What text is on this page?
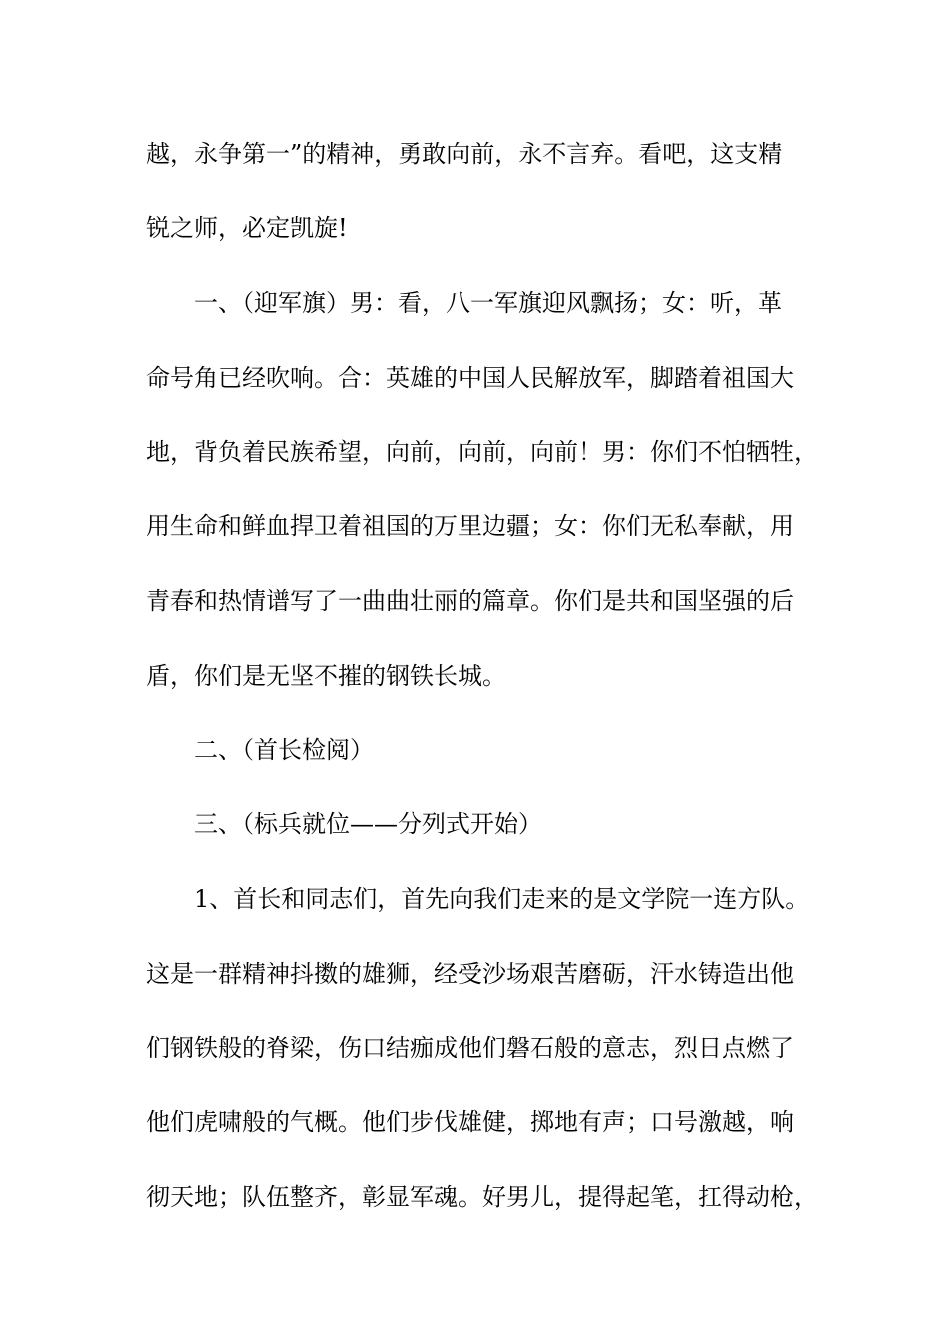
越，永争第一”的精神，勇敢向前，永不言弃。看吧，这支精
锐之师，必定凯旋!
一、（迎军旗）男：看，八一军旗迎风飘扬；女：听，革
命号角已经吹响。合：英雄的中国人民解放军，脚踏着祖国大
地，背负着民族希望，向前，向前，向前！男：你们不怕牺牲，
用生命和鲜血捍卫着祖国的万里边疆；女：你们无私奉献，用
青春和热情谱写了一曲曲壮丽的篇章。你们是共和国坚强的后
盾，你们是无坚不摧的钢铁长城。
二、（首长检阅）
三、（标兵就位——分列式开始）
1、首长和同志们，首先向我们走来的是文学院一连方队。
这是一群精神抖擞的雄狮，经受沙场艰苦磨砺，汗水铸造出他
们钢铁般的脊梁，伤口结痂成他们磐石般的意志，烈日点燃了
他们虎啸般的气概。他们步伐雄健，掷地有声；口号激越，响
彻天地；队伍整齐，彰显军魂。好男儿，提得起笔，扛得动枪，
